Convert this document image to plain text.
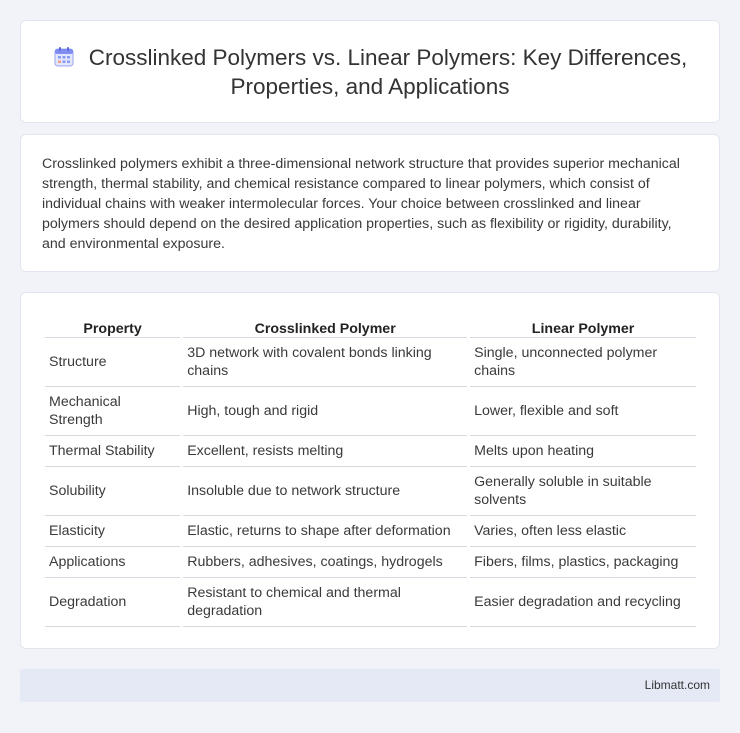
Crosslinked Polymers vs. Linear Polymers: Key Differences, Properties, and Applications

Crosslinked polymers exhibit a three-dimensional network structure that provides superior mechanical strength, thermal stability, and chemical resistance compared to linear polymers, which consist of individual chains with weaker intermolecular forces. Your choice between crosslinked and linear polymers should depend on the desired application properties, such as flexibility or rigidity, durability, and environmental exposure.

Property	Crosslinked Polymer	Linear Polymer
Structure	3D network with covalent bonds linking chains	Single, unconnected polymer chains
Mechanical Strength	High, tough and rigid	Lower, flexible and soft
Thermal Stability	Excellent, resists melting	Melts upon heating
Solubility	Insoluble due to network structure	Generally soluble in suitable solvents
Elasticity	Elastic, returns to shape after deformation	Varies, often less elastic
Applications	Rubbers, adhesives, coatings, hydrogels	Fibers, films, plastics, packaging
Degradation	Resistant to chemical and thermal degradation	Easier degradation and recycling
Libmatt.com
